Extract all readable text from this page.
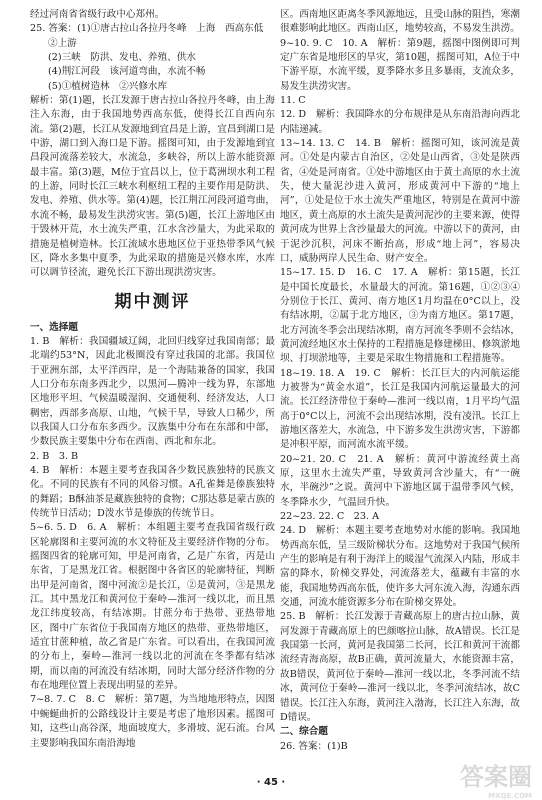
经过河南省省级行政中心郑州。
25. 答案：(1)①唐古拉山各拉丹冬峰　上海　西高东低
②上游
(2)三峡　防洪、发电、养殖、供水
(4)荆江河段　该河道弯曲，水流不畅
(5)①植树造林　②兴修水库
解析：第(1)题，长江发源于唐古拉山各拉丹冬峰，由上海注入东海，由于我国地势西高东低，使得长江自西向东流。第(2)题，长江从发源地到宜昌是上游，宜昌到湖口是中游，湖口到入海口是下游。摇图可知，由于发源地到宜昌段河流落差较大，水流急，多峡谷，所以上游水能资源最丰富。第(3)题，M位于宜昌以上，位于葛洲坝水利工程的上游，同时长江三峡水利枢纽工程的主要作用是防洪、发电、养殖、供水等。第(4)题，长江荆江河段河道弯曲，水流不畅，最易发生洪涝灾害。第(5)题，长江上游地区由于毁林开荒，水土流失严重，江水含沙量大，为此采取的措施是植树造林。长江流域水患地区位于亚热带季风气候区，降水多集中夏季，为此采取的措施是兴修水库，水库可以调节径流，避免长江下游出现洪涝灾害。
期中测评
一、选择题
1. B　解析：我国疆域辽阔，北回归线穿过我国南部；最北端约53°N，因此北极圈没有穿过我国的北部。我国位于亚洲东部，太平洋西岸，是一个海陆兼备的国家，我国人口分布东南多西北少，以黑河—腾冲一线为界，东部地区地形平坦、气候温暖湿润、交通便利、经济发达，人口稠密，西部多高原、山地，气候干旱，导致人口稀少，所以我国人口分布东多西少。汉族集中分布在东部和中部，少数民族主要集中分布在西南、西北和东北。
2. B　3. B
4. B　解析：本题主要考查我国各少数民族独特的民族文化。不同的民族有不同的风俗习惯。A孔雀舞是傣族独特的舞蹈；B酥油茶是藏族独特的食物；C那达慕是蒙古族的传统节日活动；D泼水节是傣族的传统节日。
5~6. 5. D　6. A　解析：本组题主要考查我国省级行政区轮廓图和主要河流的水文特征及主要经济作物的分布。摇图四省的轮廓可知，甲是河南省，乙是广东省，丙是山东省，丁是黑龙江省。根据图中各省区的轮廓特征，判断出甲是河南省，图中河流②是长江，②是黄河，③是黑龙江。其中黑龙江和黄河位于秦岭—淮河一线以北，而且黑龙江纬度较高，有结冰期。甘蔗分布于热带、亚热带地区，图中广东省位于我国南方地区的热带、亚热带地区，适宜甘蔗种植，故乙省是广东省。可以看出，在我国河流的分布上，秦岭—淮河一线以北的河流在冬季都有结冰期，而以南的河流没有结冰期，同时大部分经济作物的分布在地理位置上表现出明显的差异。
7~8. 7. C　8. C　解析：第7题，为当地地形特点，因图中蜿蜒曲折的公路线设计主要是考虑了地形因素。摇图可知，这些山高谷深，地面坡度大，多滑坡、泥石流。台风主要影响我国东南沿海地
区。西南地区距离冬季风源地远，且受山脉的阻挡，寒潮很难影响此地区。西南山区，地势较高，不易发生洪涝。
9~10. 9. C　10. A　解析：第9题，摇图中图例即可判定广东省是地形区的旱灾，第10题，摇图可知，A位于中下游平原，水流平缓，夏季降水多且多暴雨，支流众多，易发生洪涝灾害。
11. C
12. D　解析：我国降水的分布规律是从东南沿海向西北内陆递减。
13~14. 13. C　14. B　解析：摇图可知，该河流是黄河。①处是内蒙古自治区，②处是山西省，③处是陕西省，④处是河南省。①处中游地区由于黄土高原的水土流失，使大量泥沙进入黄河，形成黄河中下游的“地上河”，①处是位于水土流失严重地区，特别是在黄河中游地区，黄土高原的水土流失是黄河泥沙的主要来源，使得黄河成为世界上含沙量最大的河流。中游以下的黄河，由于泥沙沉积，河床不断抬高，形成“地上河”，容易决口，威胁两岸人民生命、财产安全。
15~17. 15. D　16. C　17. A　解析：第15题，长江是中国长度最长，水量最大的河流。第16题，①②③④分别位于长江、黄河、南方地区1月均温在0°C以上，没有结冰期，②属于北方地区，③为南方地区。第17题，北方河流冬季会出现结冰期，南方河流冬季则不会结冰，黄河流经地区水土保持的工程措施是修建梯田、修筑淤地坝、打坝淤地等，主要是采取生物措施和工程措施等。
18~19. 18. A　19. C　解析：长江巨大的内河航运能力被誉为“黄金水道”，长江是我国内河航运量最大的河流。长江经济带位于秦岭—淮河一线以南，1月平均气温高于0°C以上，河流不会出现结冰期，没有凌汛。长江上游地区落差大，水流急，中下游多发生洪涝灾害，下游都是冲积平原，而河流水流平缓。
20~21. 20. C　21. A　解析：黄河中游流经黄土高原，这里水土流失严重，导致黄河含沙量大，有“一碗水，半碗沙”之说。黄河中下游地区属于温带季风气候，冬季降水少，气温回升快。
22~23. 22. C　23. A
24. D　解析：本题主要考查地势对水能的影响。我国地势西高东低，呈三级阶梯状分布。这地势对于我国气候所产生的影响是有利于海洋上的暖湿气流深入内陆，形成丰富的降水，阶梯交界处，河流落差大，蕴藏有丰富的水能，我国地势西高东低，使许多大河东流入海，沟通东西交通，河流水能资源多分布在阶梯交界处。
25. B　解析：长江发源于青藏高原上的唐古拉山脉，黄河发源于青藏高原上的巴颜喀拉山脉，故A错误。长江是我国第一长河，黄河是我国第二长河，长江和黄河干流都流经青海高原，故B正确，黄河流量大，水能资源丰富，故B错误，黄河位于秦岭—淮河一线以北，冬季河流不结冰，黄河位于秦岭—淮河一线以北，冬季河流结冰，故C错误。长江注入东海，黄河注入渤海，长江注入东海，故D错误。
二、综合题
26. 答案：(1)B
· 45 ·	答案圈
MXQE.COM
